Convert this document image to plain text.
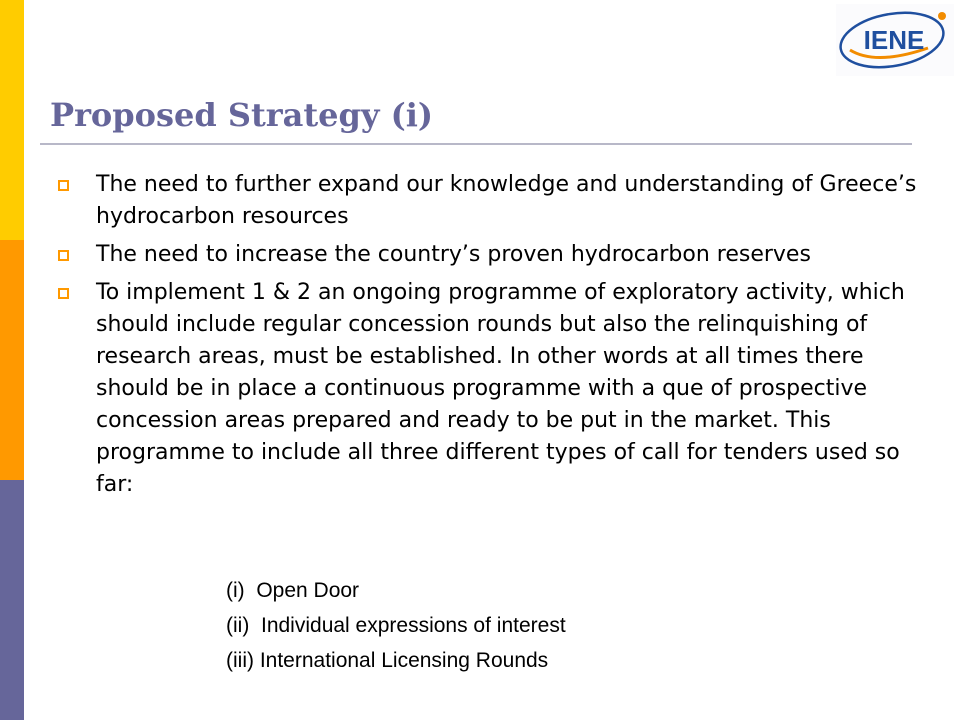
IENE
Proposed Strategy (i)
The need to further expand our knowledge and understanding of Greece’s hydrocarbon resources
The need to increase the country’s proven hydrocarbon reserves
To implement 1 & 2 an ongoing programme of exploratory activity, which should include regular concession rounds but also the relinquishing of research areas, must be established. In other words at all times there should be in place a continuous programme with a que of prospective concession areas prepared and ready to be put in the market. This programme to include all three different types of call for tenders used so far:
(i)  Open Door
(ii)  Individual expressions of interest
(iii) International Licensing Rounds
